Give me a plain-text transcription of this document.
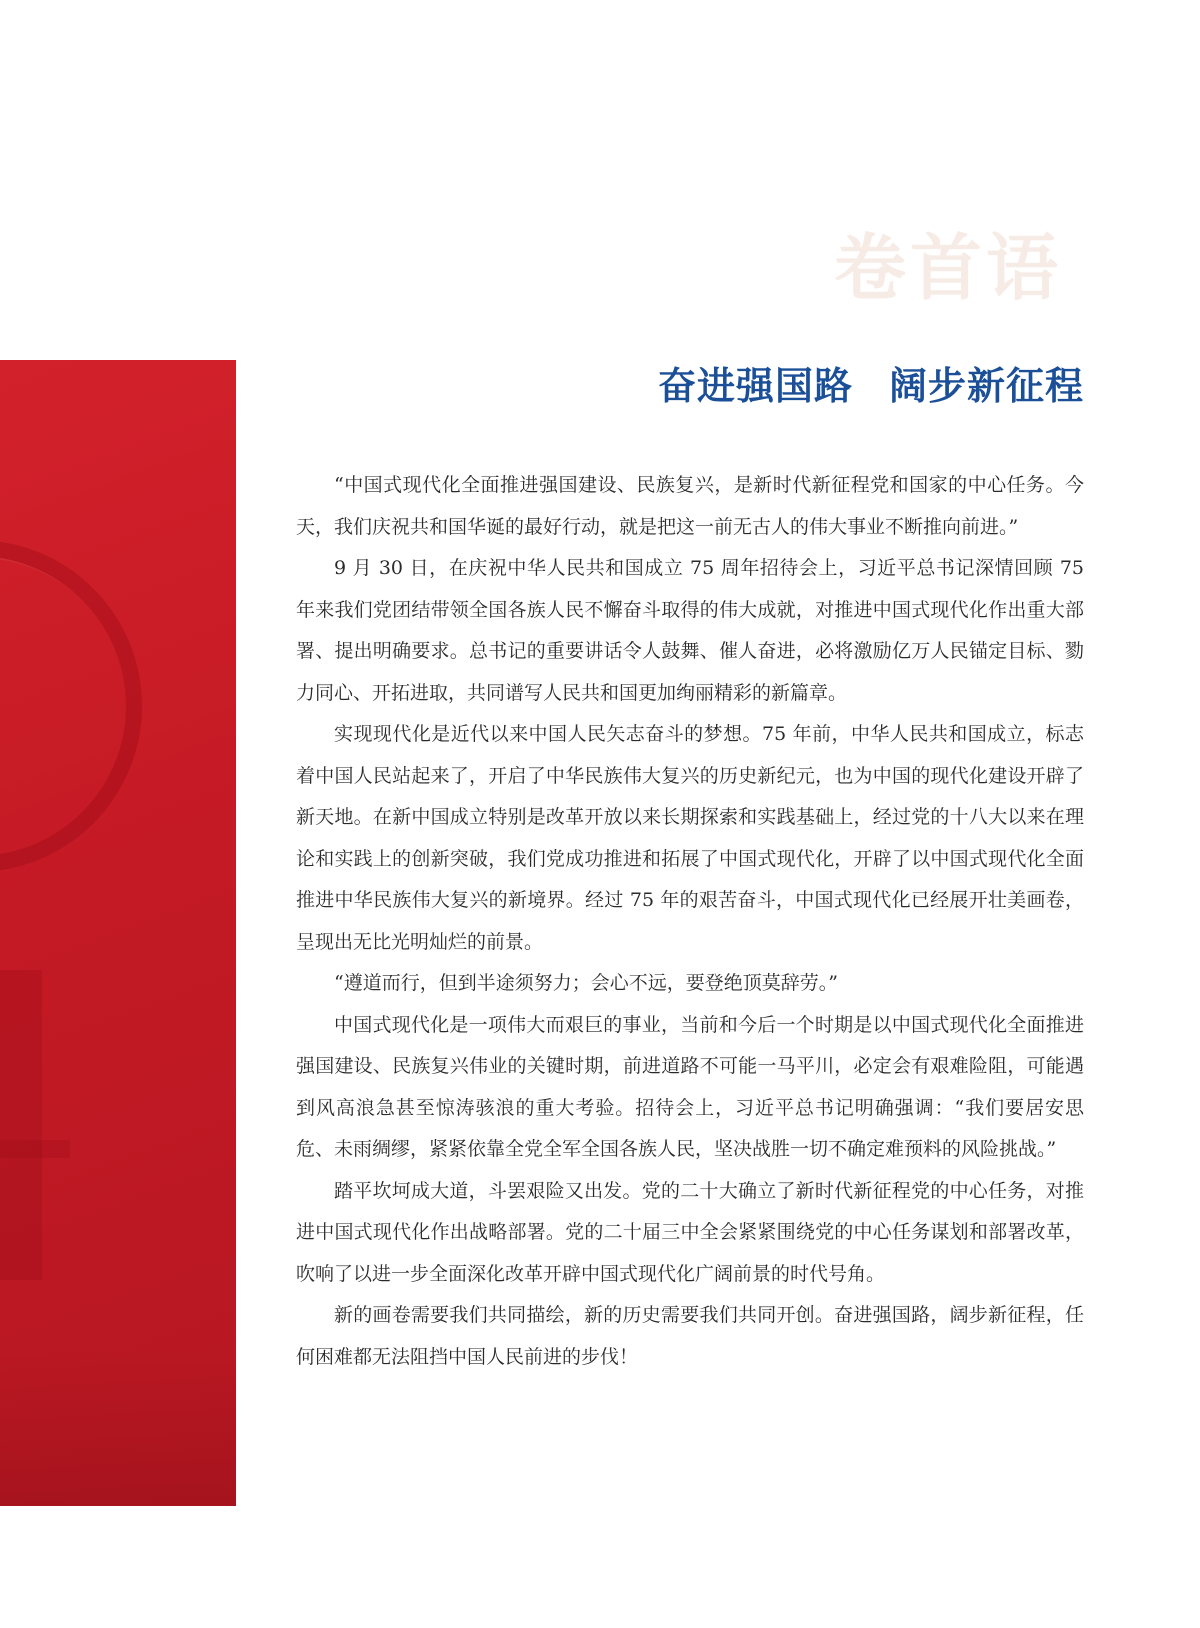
卷首语
奋进强国路 阔步新征程

“中国式现代化全面推进强国建设、民族复兴，是新时代新征程党和国家的中心任务。今天，我们庆祝共和国华诞的最好行动，就是把这一前无古人的伟大事业不断推向前进。”

9 月 30 日，在庆祝中华人民共和国成立 75 周年招待会上，习近平总书记深情回顾 75 年来我们党团结带领全国各族人民不懈奋斗取得的伟大成就，对推进中国式现代化作出重大部署、提出明确要求。总书记的重要讲话令人鼓舞、催人奋进，必将激励亿万人民锚定目标、勠力同心、开拓进取，共同谱写人民共和国更加绚丽精彩的新篇章。

实现现代化是近代以来中国人民矢志奋斗的梦想。75 年前，中华人民共和国成立，标志着中国人民站起来了，开启了中华民族伟大复兴的历史新纪元，也为中国的现代化建设开辟了新天地。在新中国成立特别是改革开放以来长期探索和实践基础上，经过党的十八大以来在理论和实践上的创新突破，我们党成功推进和拓展了中国式现代化，开辟了以中国式现代化全面推进中华民族伟大复兴的新境界。经过 75 年的艰苦奋斗，中国式现代化已经展开壮美画卷，呈现出无比光明灿烂的前景。

“遵道而行，但到半途须努力；会心不远，要登绝顶莫辞劳。”

中国式现代化是一项伟大而艰巨的事业，当前和今后一个时期是以中国式现代化全面推进强国建设、民族复兴伟业的关键时期，前进道路不可能一马平川，必定会有艰难险阻，可能遇到风高浪急甚至惊涛骇浪的重大考验。招待会上，习近平总书记明确强调：“我们要居安思危、未雨绸缪，紧紧依靠全党全军全国各族人民，坚决战胜一切不确定难预料的风险挑战。”

踏平坎坷成大道，斗罢艰险又出发。党的二十大确立了新时代新征程党的中心任务，对推进中国式现代化作出战略部署。党的二十届三中全会紧紧围绕党的中心任务谋划和部署改革，吹响了以进一步全面深化改革开辟中国式现代化广阔前景的时代号角。

新的画卷需要我们共同描绘，新的历史需要我们共同开创。奋进强国路，阔步新征程，任何困难都无法阻挡中国人民前进的步伐！
